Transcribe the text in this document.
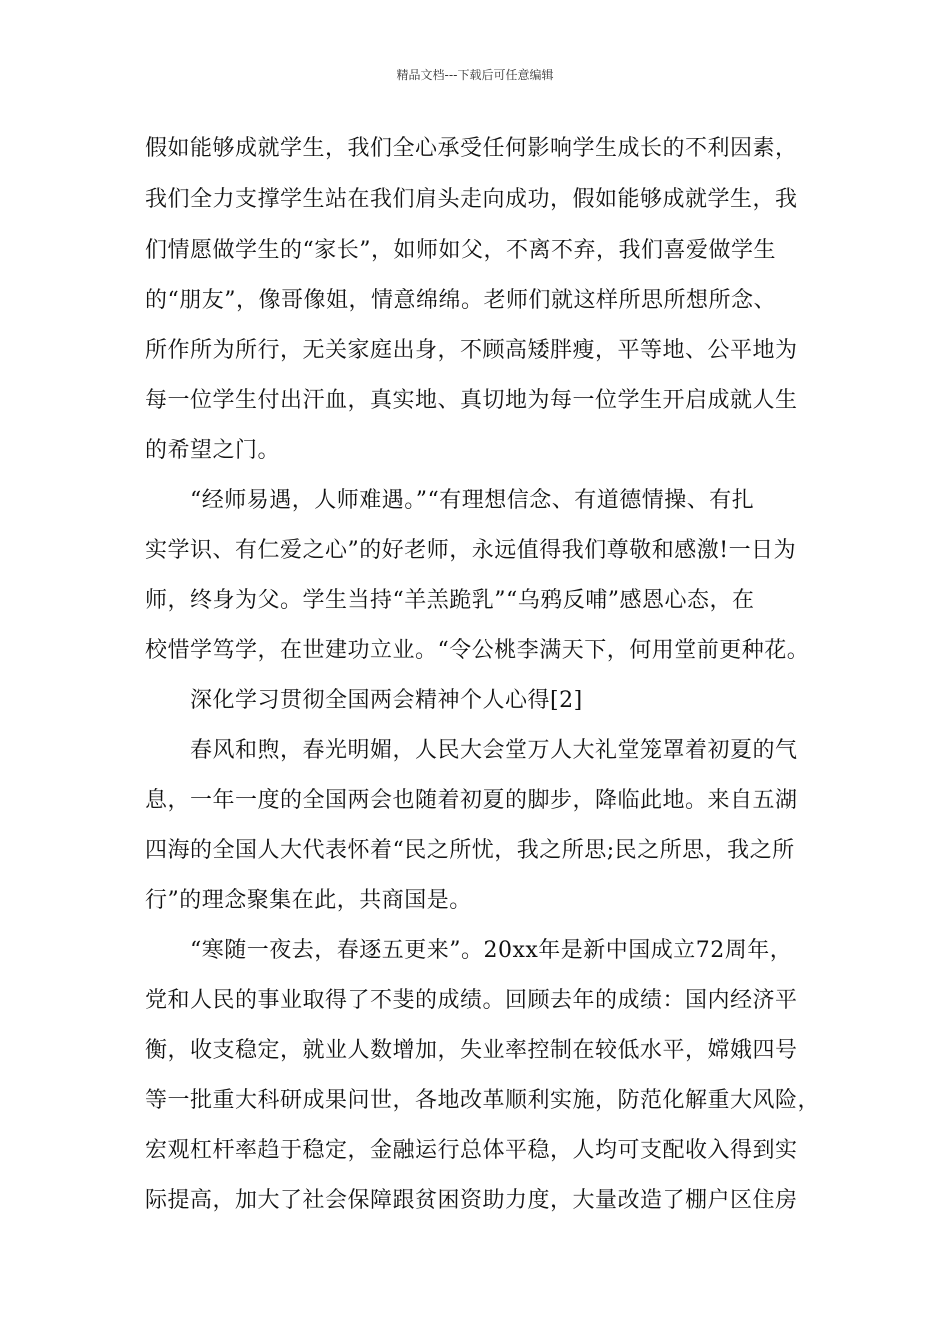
精品文档---下载后可任意编辑
假如能够成就学生，我们全心承受任何影响学生成长的不利因素，
我们全力支撑学生站在我们肩头走向成功，假如能够成就学生，我
们情愿做学生的“家长”，如师如父，不离不弃，我们喜爱做学生
的“朋友”，像哥像姐，情意绵绵。老师们就这样所思所想所念、
所作所为所行，无关家庭出身，不顾高矮胖瘦，平等地、公平地为
每一位学生付出汗血，真实地、真切地为每一位学生开启成就人生
的希望之门。
“经师易遇，人师难遇。”“有理想信念、有道德情操、有扎
实学识、有仁爱之心”的好老师，永远值得我们尊敬和感激!一日为
师，终身为父。学生当持“羊羔跪乳”“乌鸦反哺”感恩心态，在
校惜学笃学，在世建功立业。“令公桃李满天下，何用堂前更种花。
深化学习贯彻全国两会精神个人心得[2]
春风和煦，春光明媚，人民大会堂万人大礼堂笼罩着初夏的气
息，一年一度的全国两会也随着初夏的脚步，降临此地。来自五湖
四海的全国人大代表怀着“民之所忧，我之所思;民之所思，我之所
行”的理念聚集在此，共商国是。
“寒随一夜去，春逐五更来”。20xx年是新中国成立72周年，
党和人民的事业取得了不斐的成绩。回顾去年的成绩：国内经济平
衡，收支稳定，就业人数增加，失业率控制在较低水平，嫦娥四号
等一批重大科研成果问世，各地改革顺利实施，防范化解重大风险，
宏观杠杆率趋于稳定，金融运行总体平稳，人均可支配收入得到实
际提高，加大了社会保障跟贫困资助力度，大量改造了棚户区住房
